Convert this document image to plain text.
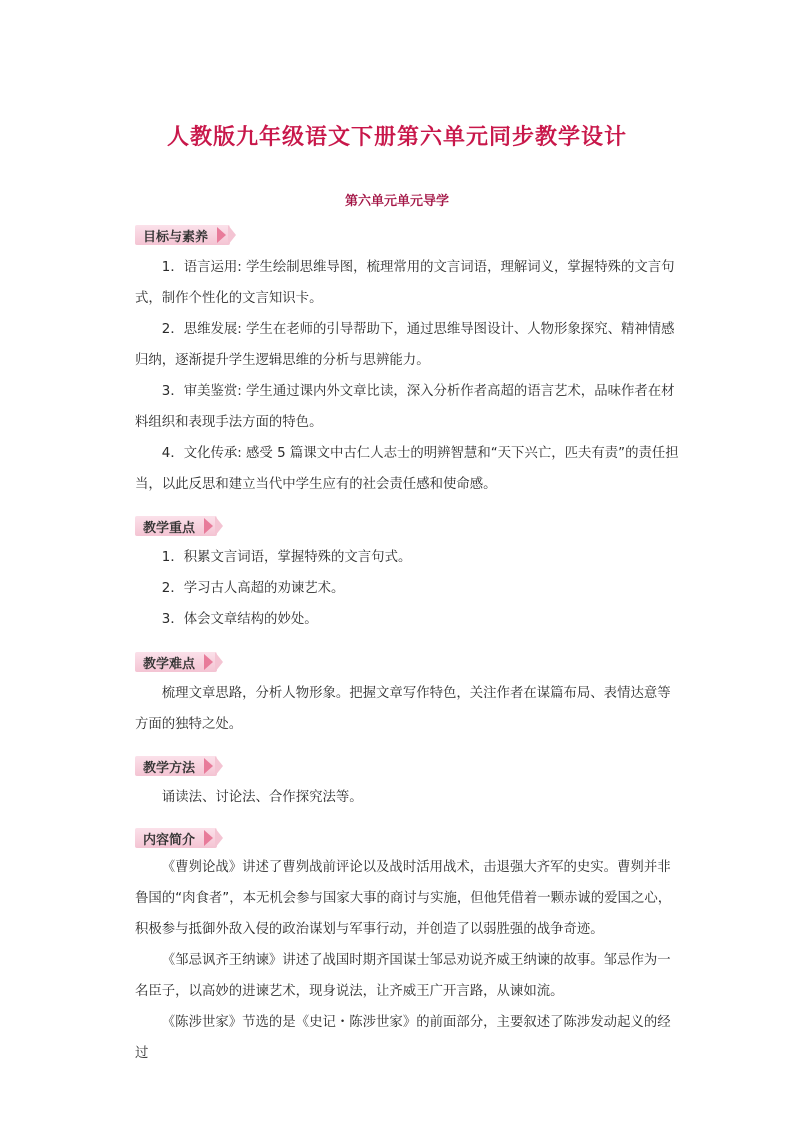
人教版九年级语文下册第六单元同步教学设计
第六单元单元导学
目标与素养

1．语言运用: 学生绘制思维导图，梳理常用的文言词语，理解词义，掌握特殊的文言句式，制作个性化的文言知识卡。

2．思维发展: 学生在老师的引导帮助下，通过思维导图设计、人物形象探究、精神情感归纳，逐渐提升学生逻辑思维的分析与思辨能力。

3．审美鉴赏: 学生通过课内外文章比读，深入分析作者高超的语言艺术，品味作者在材料组织和表现手法方面的特色。

4．文化传承: 感受 5 篇课文中古仁人志士的明辨智慧和“天下兴亡，匹夫有责”的责任担当，以此反思和建立当代中学生应有的社会责任感和使命感。

教学重点

1．积累文言词语，掌握特殊的文言句式。

2．学习古人高超的劝谏艺术。

3．体会文章结构的妙处。

教学难点

梳理文章思路，分析人物形象。把握文章写作特色，关注作者在谋篇布局、表情达意等方面的独特之处。

教学方法

诵读法、讨论法、合作探究法等。

内容简介

《曹刿论战》讲述了曹刿战前评论以及战时活用战术，击退强大齐军的史实。曹刿并非鲁国的“肉食者”，本无机会参与国家大事的商讨与实施，但他凭借着一颗赤诚的爱国之心，积极参与抵御外敌入侵的政治谋划与军事行动，并创造了以弱胜强的战争奇迹。

《邹忌讽齐王纳谏》讲述了战国时期齐国谋士邹忌劝说齐威王纳谏的故事。邹忌作为一名臣子，以高妙的进谏艺术，现身说法，让齐威王广开言路，从谏如流。

《陈涉世家》节选的是《史记・陈涉世家》的前面部分，主要叙述了陈涉发动起义的经过
